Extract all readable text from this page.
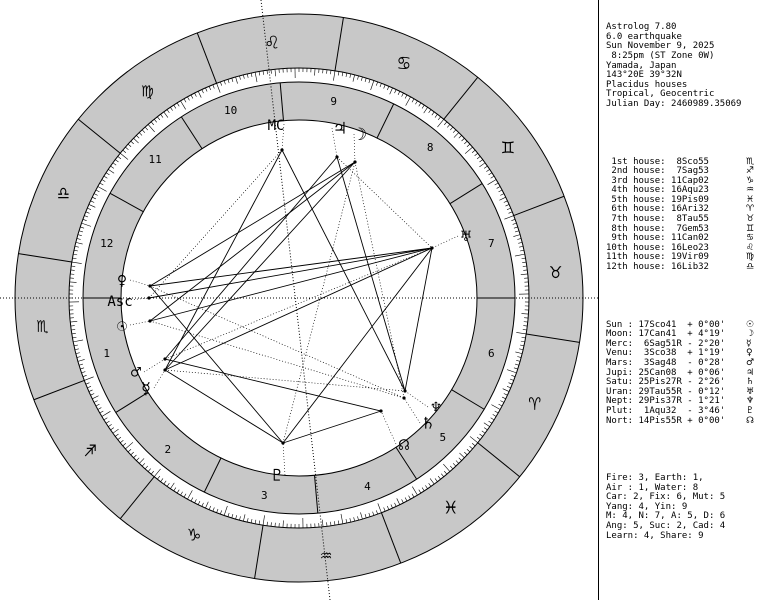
♌
♋
♊
♉
♈
♓
♒
♑
♐
♏
♎
♍
1
2
3
4
5
6
7
8
9
10
11
12
MC	♃ ☽
♅
♀
Asc
☉
♂
☿
♆
♄
☊
♇

Astrolog 7.80
6.0 earthquake
Sun November 9, 2025
8:25pm (ST Zone 0W)
Yamada, Japan
143°20E 39°32N
Placidus houses
Tropical, Geocentric
Julian Day: 2460989.35069

1st house:  8Sco55	♏
2nd house:  7Sag53	♐
3rd house: 11Cap02	♑
4th house: 16Aqu23	♒
5th house: 19Pis09	♓
6th house: 16Ari32	♈
7th house:  8Tau55	♉
8th house:  7Gem53	♊
9th house: 11Can02	♋
10th house: 16Leo23	♌
11th house: 19Vir09	♍
12th house: 16Lib32	♎

Sun : 17Sco41  + 0°00' ☉
Moon: 17Can41  + 4°19' ☽
Merc:  6Sag51R - 2°20' ☿
Venu:  3Sco38  + 1°19' ♀
Mars:  3Sag48  - 0°28' ♂
Jupi: 25Can08  + 0°06' ♃
Satu: 25Pis27R - 2°26' ♄
Uran: 29Tau55R - 0°12' ♅
Nept: 29Pis37R - 1°21' ♆
Plut:  1Aqu32  - 3°46' ♇
Nort: 14Pis55R + 0°00' ☊

Fire: 3, Earth: 1,
Air : 1, Water: 8
Car: 2, Fix: 6, Mut: 5
Yang: 4, Yin: 9
M: 4, N: 7, A: 5, D: 6
Ang: 5, Suc: 2, Cad: 4
Learn: 4, Share: 9
